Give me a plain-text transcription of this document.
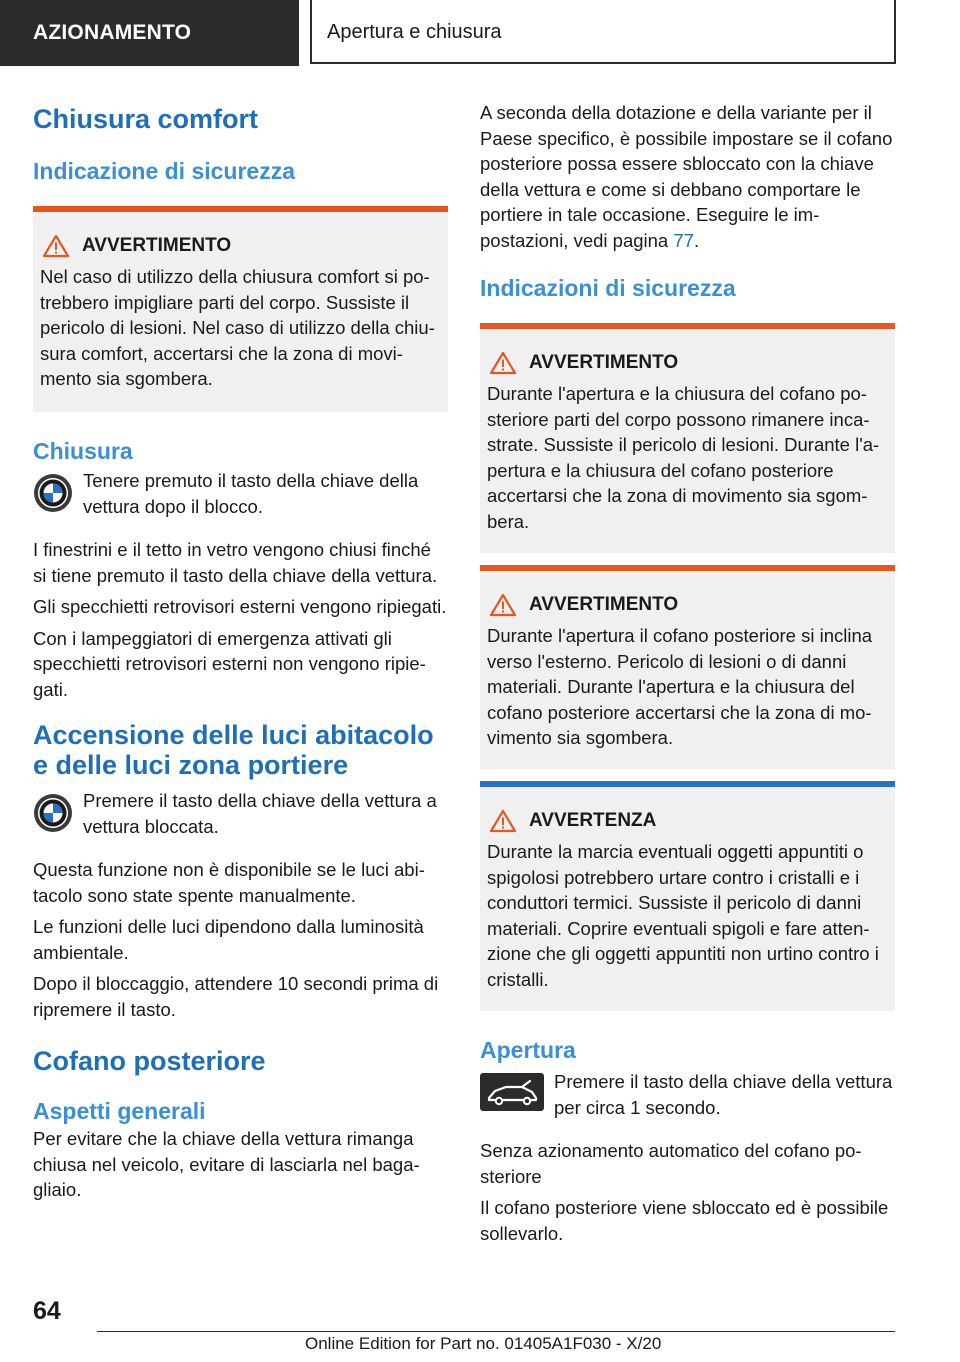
AZIONAMENTO	Apertura e chiusura
Chiusura comfort
Indicazione di sicurezza
AVVERTIMENTO

Nel caso di utilizzo della chiusura comfort si potrebbero impigliare parti del corpo. Sussiste il pericolo di lesioni. Nel caso di utilizzo della chiusura comfort, accertarsi che la zona di movimento sia sgombera.

Chiusura

Tenere premuto il tasto della chiave della vettura dopo il blocco.

I finestrini e il tetto in vetro vengono chiusi finché si tiene premuto il tasto della chiave della vettura.

Gli specchietti retrovisori esterni vengono ripiegati.

Con i lampeggiatori di emergenza attivati gli specchietti retrovisori esterni non vengono ripiegati.

Accensione delle luci abitacolo e delle luci zona portiere

Premere il tasto della chiave della vettura a vettura bloccata.

Questa funzione non è disponibile se le luci abitacolo sono state spente manualmente.

Le funzioni delle luci dipendono dalla luminosità ambientale.

Dopo il bloccaggio, attendere 10 secondi prima di ripremere il tasto.

Cofano posteriore
Aspetti generali

Per evitare che la chiave della vettura rimanga chiusa nel veicolo, evitare di lasciarla nel bagagliaio.

A seconda della dotazione e della variante per il Paese specifico, è possibile impostare se il cofano posteriore possa essere sbloccato con la chiave della vettura e come si debbano comportare le portiere in tale occasione. Eseguire le impostazioni, vedi pagina 77.

Indicazioni di sicurezza
AVVERTIMENTO

Durante l'apertura e la chiusura del cofano posteriore parti del corpo possono rimanere incastrate. Sussiste il pericolo di lesioni. Durante l'apertura e la chiusura del cofano posteriore accertarsi che la zona di movimento sia sgombera.

AVVERTIMENTO

Durante l'apertura il cofano posteriore si inclina verso l'esterno. Pericolo di lesioni o di danni materiali. Durante l'apertura e la chiusura del cofano posteriore accertarsi che la zona di movimento sia sgombera.

AVVERTENZA

Durante la marcia eventuali oggetti appuntiti o spigolosi potrebbero urtare contro i cristalli e i conduttori termici. Sussiste il pericolo di danni materiali. Coprire eventuali spigoli e fare attenzione che gli oggetti appuntiti non urtino contro i cristalli.

Apertura

Premere il tasto della chiave della vettura per circa 1 secondo.

Senza azionamento automatico del cofano posteriore

Il cofano posteriore viene sbloccato ed è possibile sollevarlo.

64
Online Edition for Part no. 01405A1F030 - X/20
